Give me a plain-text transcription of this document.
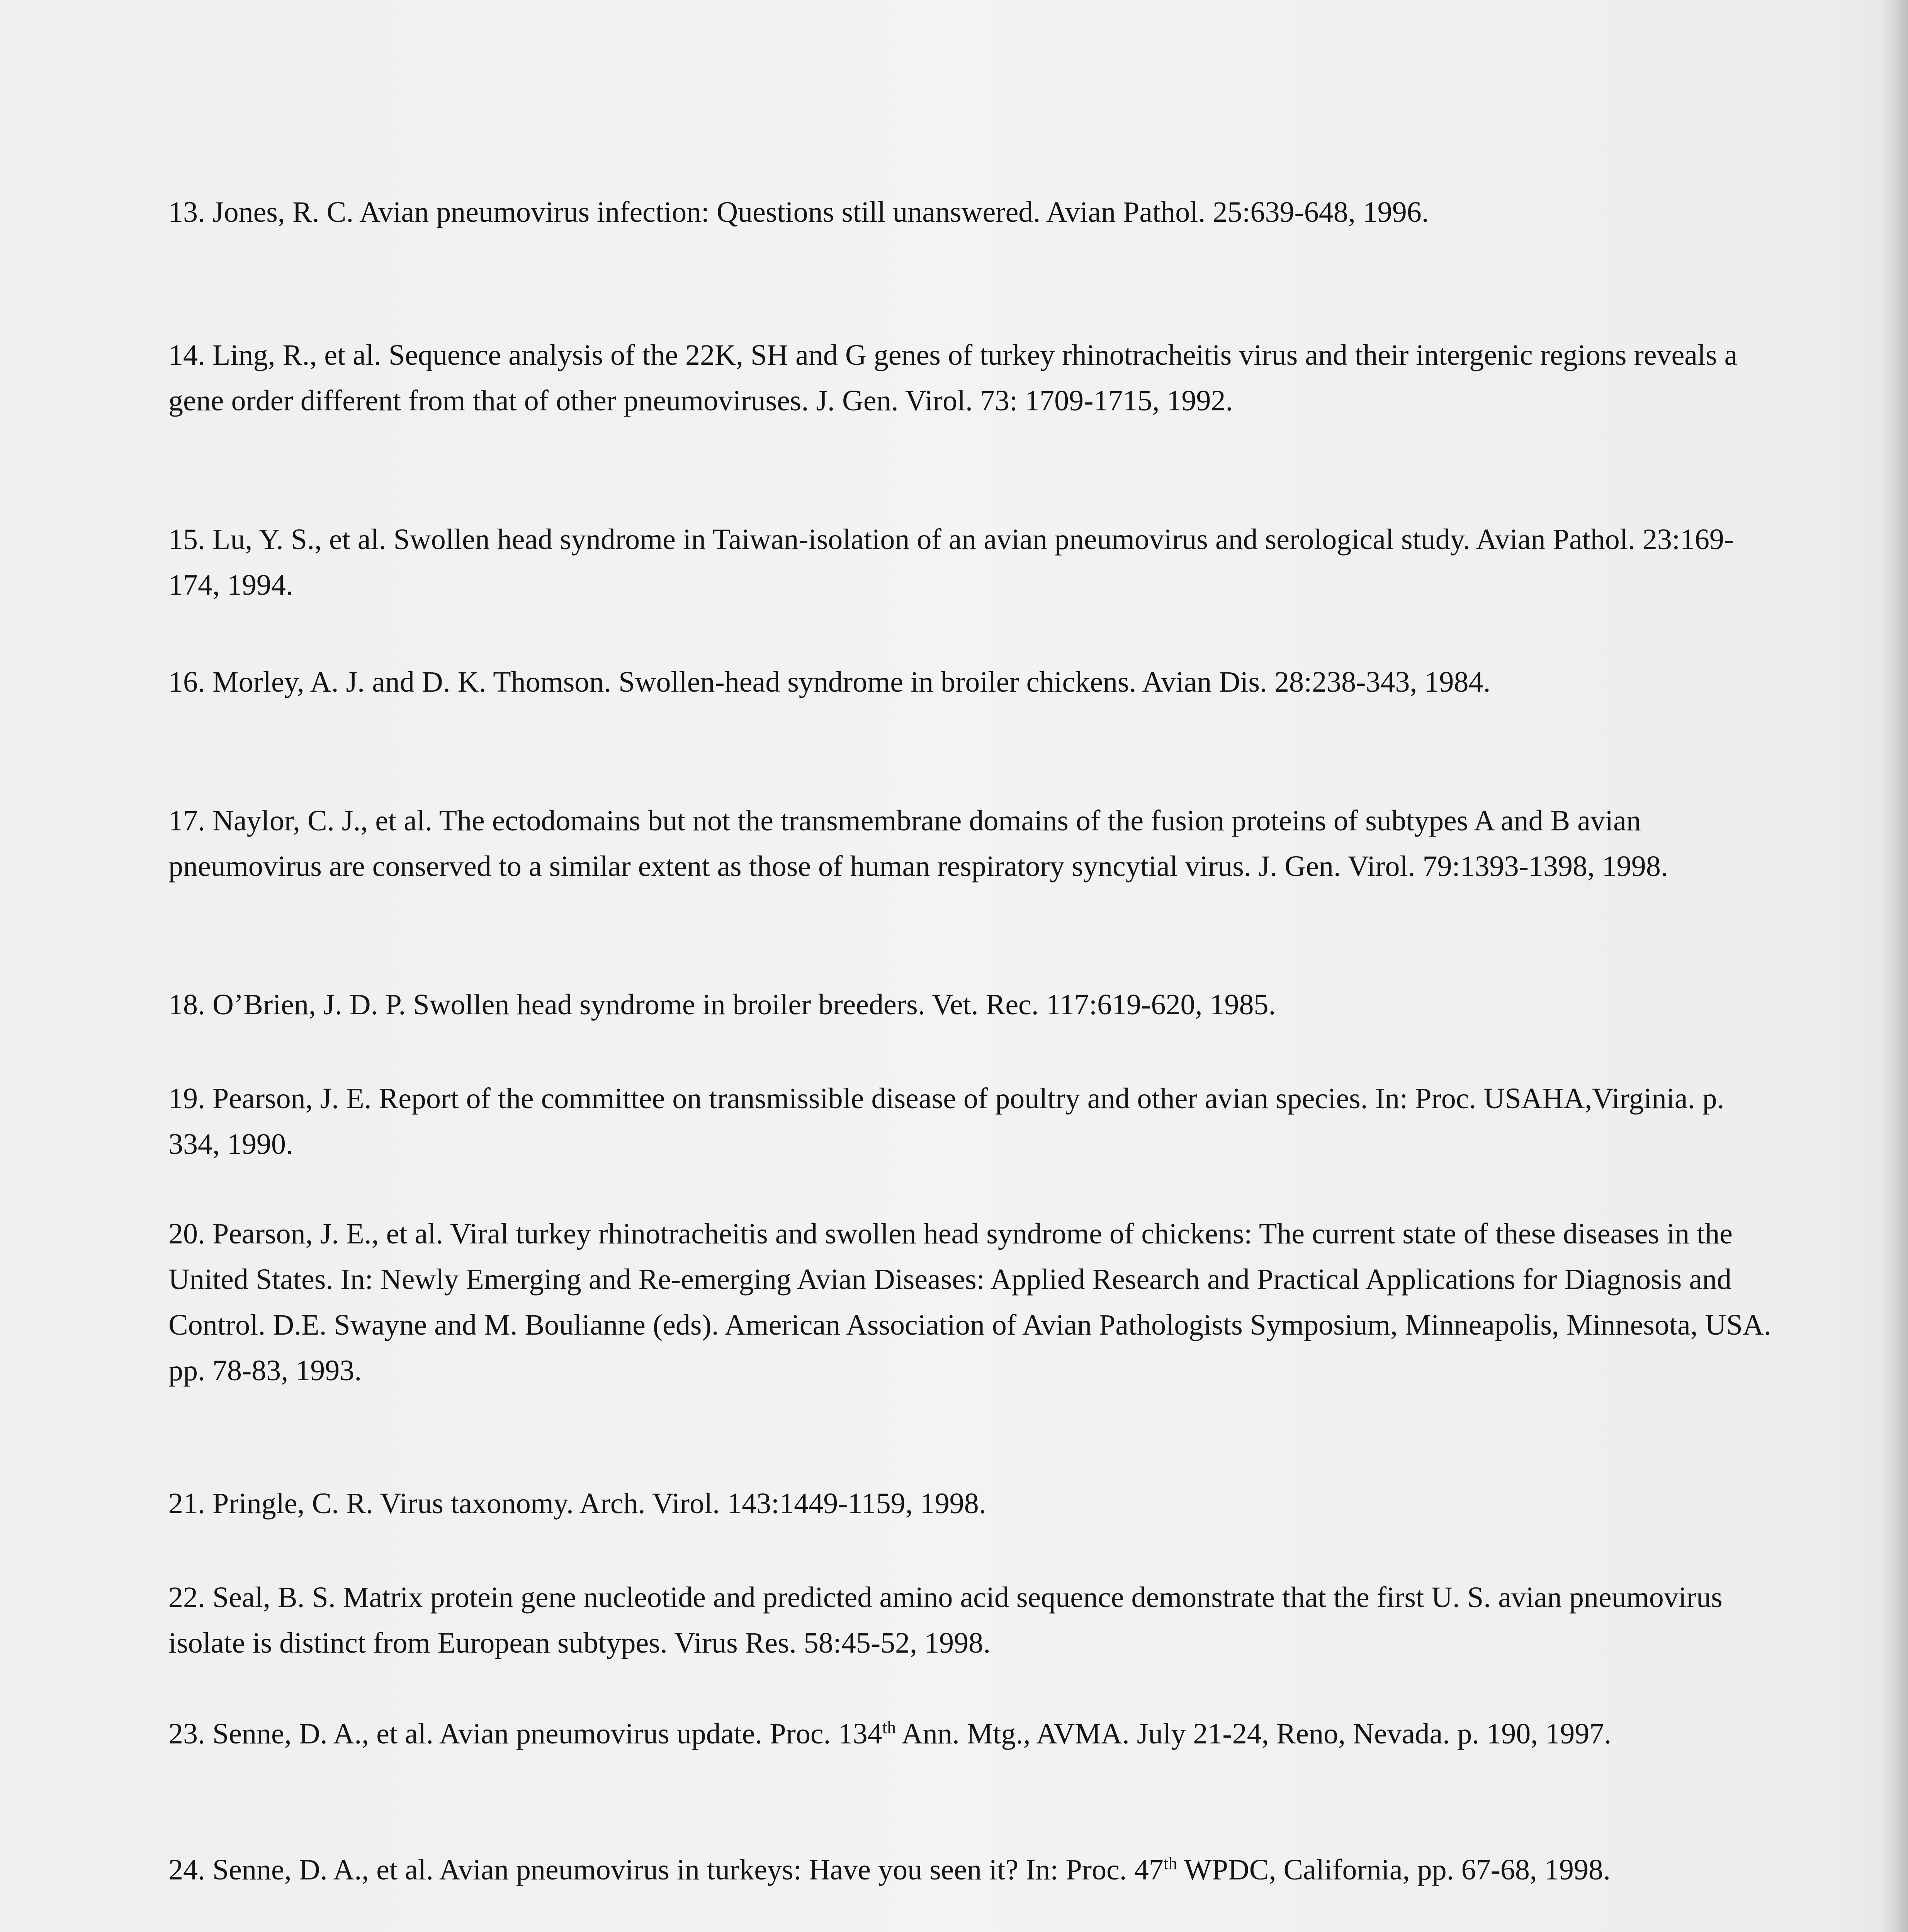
13. Jones, R. C. Avian pneumovirus infection: Questions still unanswered. Avian Pathol. 25:639-648, 1996.
14. Ling, R., et al. Sequence analysis of the 22K, SH and G genes of turkey rhinotracheitis virus and their intergenic regions reveals a gene order different from that of other pneumoviruses. J. Gen. Virol. 73: 1709-1715, 1992.
15. Lu, Y. S., et al. Swollen head syndrome in Taiwan-isolation of an avian pneumovirus and serological study. Avian Pathol. 23:169-174, 1994.
16. Morley, A. J. and D. K. Thomson. Swollen-head syndrome in broiler chickens. Avian Dis. 28:238-343, 1984.
17. Naylor, C. J., et al. The ectodomains but not the transmembrane domains of the fusion proteins of subtypes A and B avian pneumovirus are conserved to a similar extent as those of human respiratory syncytial virus. J. Gen. Virol. 79:1393-1398, 1998.
18. O’Brien, J. D. P. Swollen head syndrome in broiler breeders. Vet. Rec. 117:619-620, 1985.
19. Pearson, J. E. Report of the committee on transmissible disease of poultry and other avian species. In: Proc. USAHA,Virginia. p. 334, 1990.
20. Pearson, J. E., et al. Viral turkey rhinotracheitis and swollen head syndrome of chickens: The current state of these diseases in the United States. In: Newly Emerging and Re-emerging Avian Diseases: Applied Research and Practical Applications for Diagnosis and Control. D.E. Swayne and M. Boulianne (eds). American Association of Avian Pathologists Symposium, Minneapolis, Minnesota, USA. pp. 78-83, 1993.
21. Pringle, C. R. Virus taxonomy. Arch. Virol. 143:1449-1159, 1998.
22. Seal, B. S. Matrix protein gene nucleotide and predicted amino acid sequence demonstrate that the first U. S. avian pneumovirus isolate is distinct from European subtypes. Virus Res. 58:45-52, 1998.
23. Senne, D. A., et al. Avian pneumovirus update. Proc. 134th Ann. Mtg., AVMA. July 21-24, Reno, Nevada. p. 190, 1997.
24. Senne, D. A., et al. Avian pneumovirus in turkeys: Have you seen it? In: Proc. 47th WPDC, California, pp. 67-68, 1998.
